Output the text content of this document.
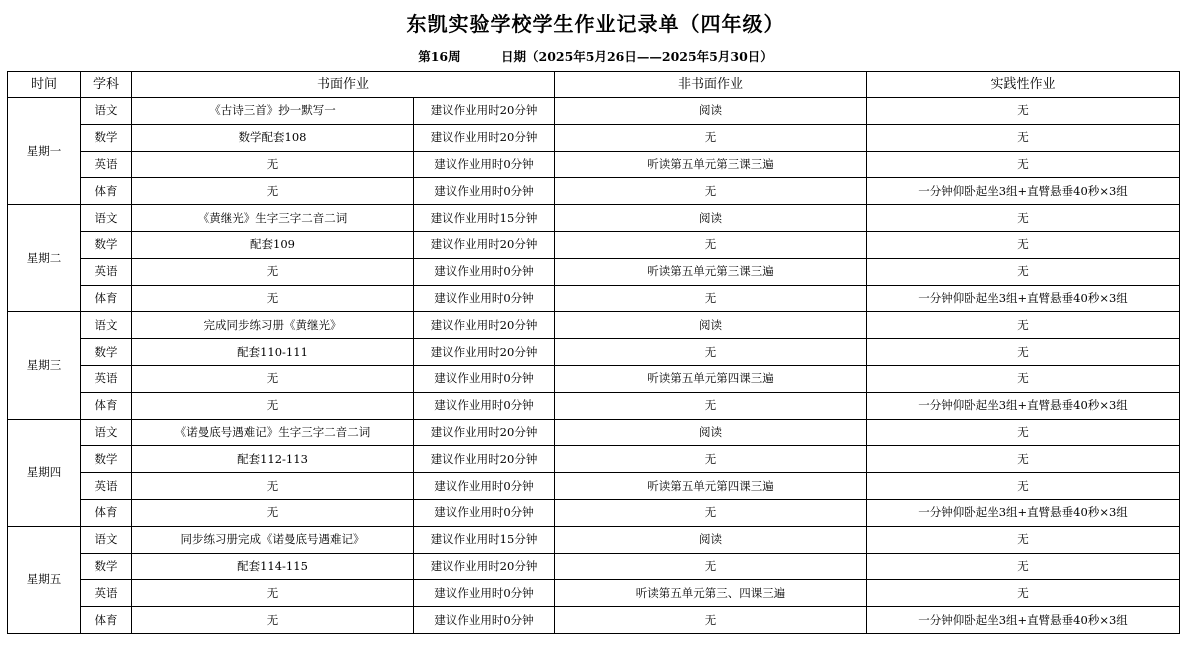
东凯实验学校学生作业记录单（四年级）
第16周	日期（2025年5月26日——2025年5月30日）
时间	学科	书面作业		非书面作业	实践性作业
星期一	语文	《古诗三首》抄一默写一	建议作业用时20分钟	阅读	无
	数学	数学配套108	建议作业用时20分钟	无	无
	英语	无	建议作业用时0分钟	听读第五单元第三课三遍	无
	体育	无	建议作业用时0分钟	无	一分钟仰卧起坐3组+直臂悬垂40秒×3组
星期二	语文	《黄继光》生字三字二音二词	建议作业用时15分钟	阅读	无
	数学	配套109	建议作业用时20分钟	无	无
	英语	无	建议作业用时0分钟	听读第五单元第三课三遍	无
	体育	无	建议作业用时0分钟	无	一分钟仰卧起坐3组+直臂悬垂40秒×3组
星期三	语文	完成同步练习册《黄继光》	建议作业用时20分钟	阅读	无
	数学	配套110-111	建议作业用时20分钟	无	无
	英语	无	建议作业用时0分钟	听读第五单元第四课三遍	无
	体育	无	建议作业用时0分钟	无	一分钟仰卧起坐3组+直臂悬垂40秒×3组
星期四	语文	《诺曼底号遇难记》生字三字二音二词	建议作业用时20分钟	阅读	无
	数学	配套112-113	建议作业用时20分钟	无	无
	英语	无	建议作业用时0分钟	听读第五单元第四课三遍	无
	体育	无	建议作业用时0分钟	无	一分钟仰卧起坐3组+直臂悬垂40秒×3组
星期五	语文	同步练习册完成《诺曼底号遇难记》	建议作业用时15分钟	阅读	无
	数学	配套114-115	建议作业用时20分钟	无	无
	英语	无	建议作业用时0分钟	听读第五单元第三、四课三遍	无
	体育	无	建议作业用时0分钟	无	一分钟仰卧起坐3组+直臂悬垂40秒×3组
